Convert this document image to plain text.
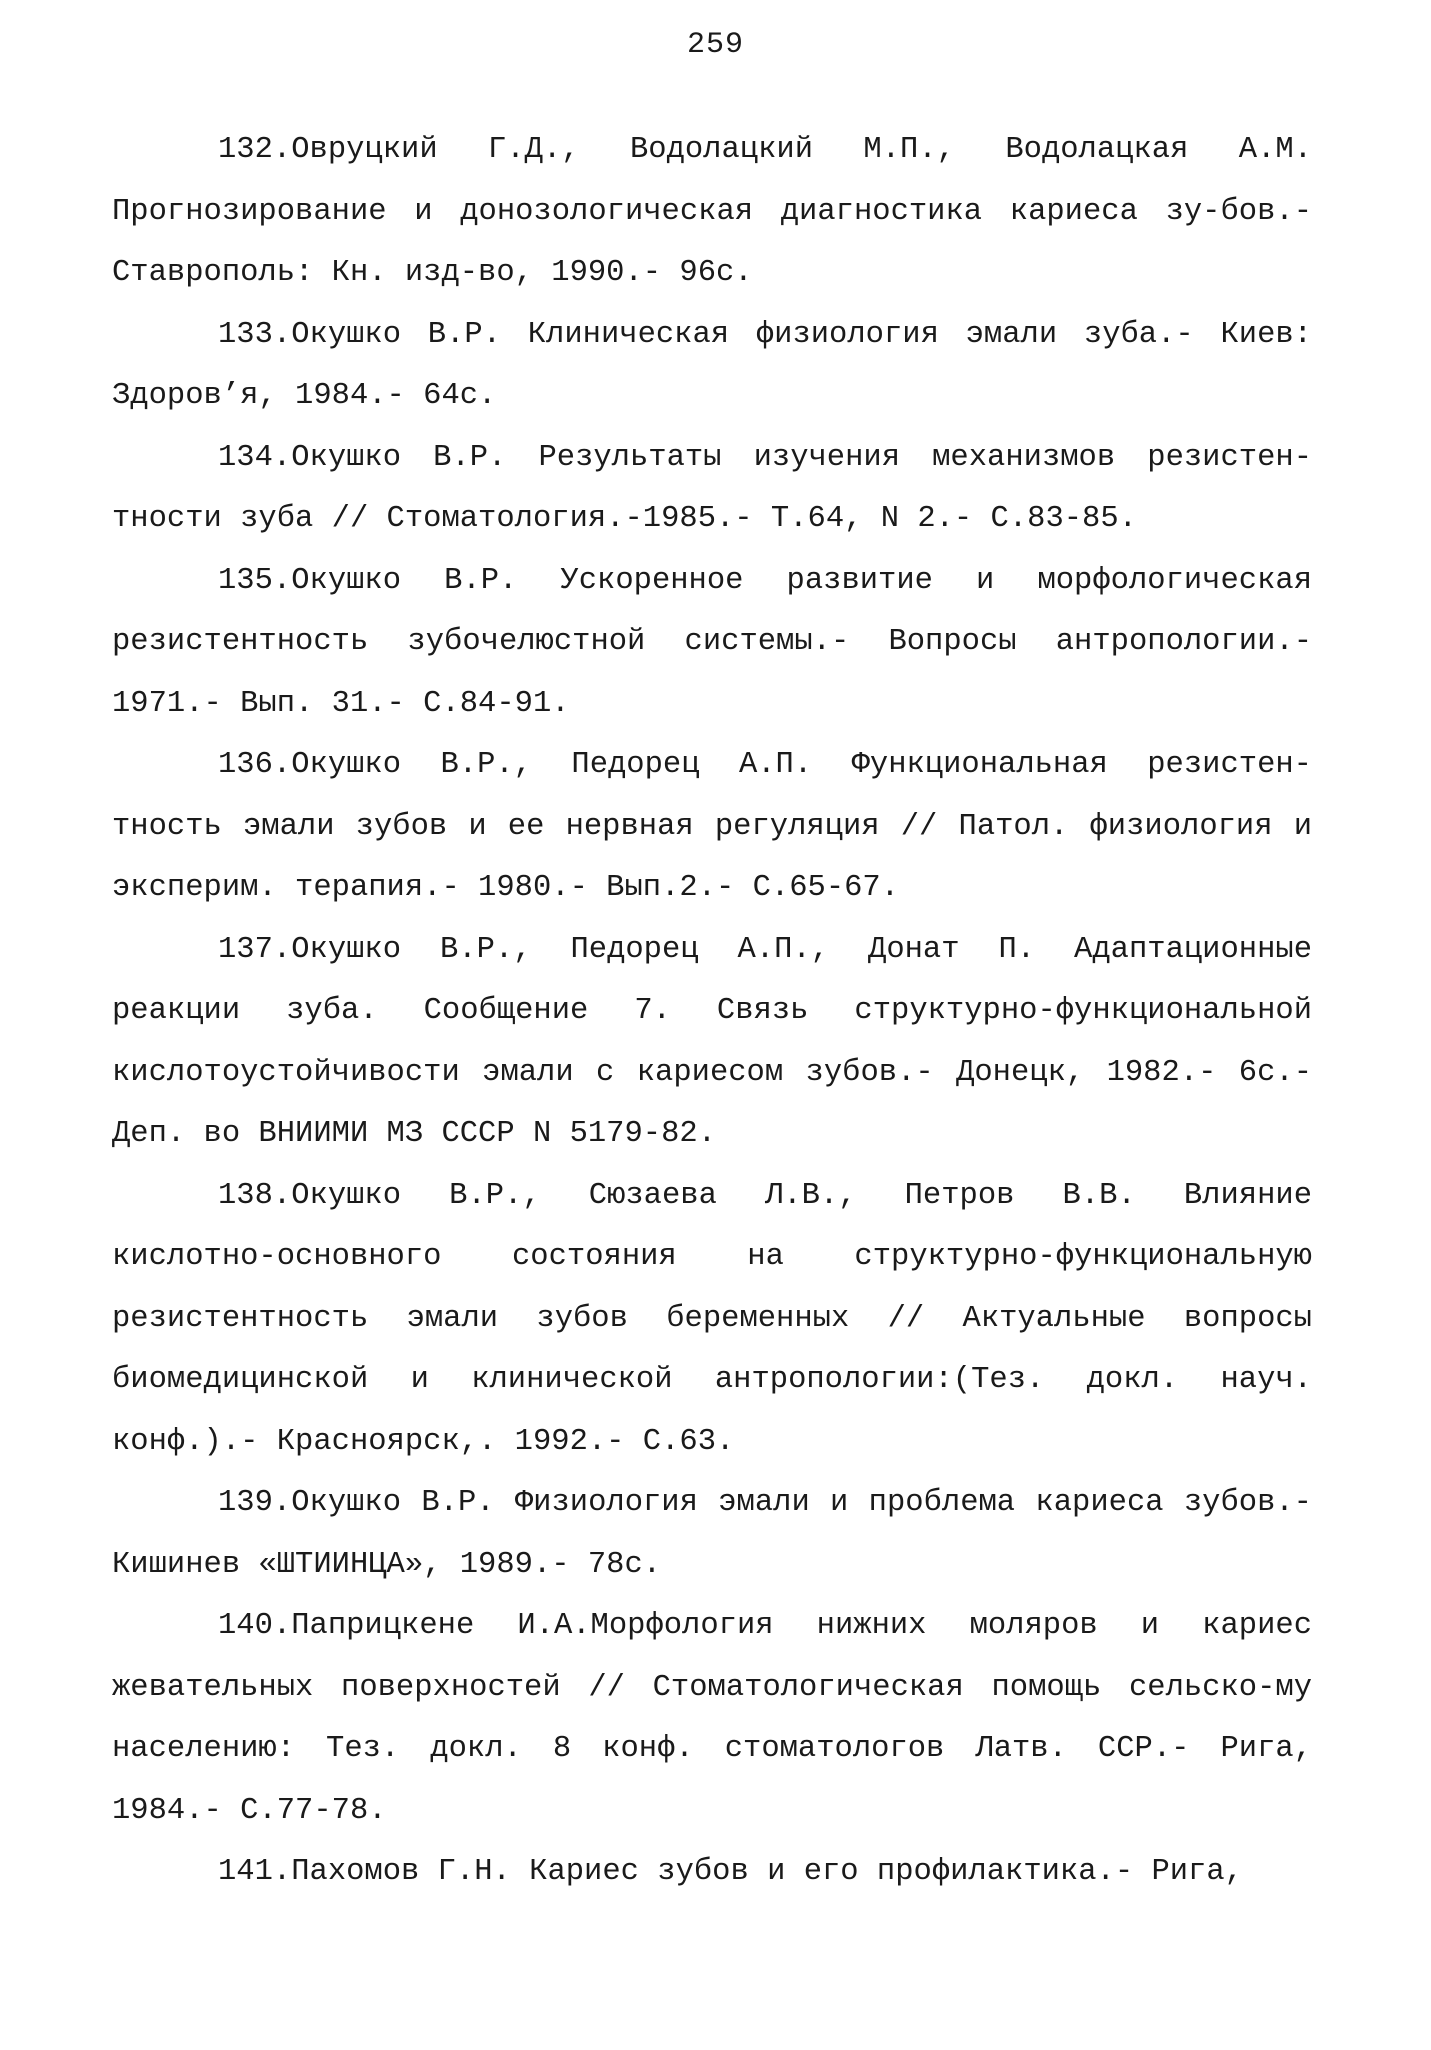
259

132.Овруцкий Г.Д., Водолацкий М.П., Водолацкая А.М. Прогнозирование и донозологическая диагностика кариеса зу-бов.- Ставрополь: Кн. изд-во, 1990.- 96с.

133.Окушко В.Р. Клиническая физиология эмали зуба.- Киев: Здоров’я, 1984.- 64с.

134.Окушко В.Р. Результаты изучения механизмов резистен-тности зуба // Стоматология.-1985.- Т.64, N 2.- С.83-85.

135.Окушко В.Р. Ускоренное развитие и морфологическая резистентность зубочелюстной системы.- Вопросы антропологии.- 1971.- Вып. 31.- С.84-91.

136.Окушко В.Р., Педорец А.П. Функциональная резистен-тность эмали зубов и ее нервная регуляция // Патол. физиология и эксперим. терапия.- 1980.- Вып.2.- С.65-67.

137.Окушко В.Р., Педорец А.П., Донат П. Адаптационные реакции зуба. Сообщение 7. Связь структурно-функциональной кислотоустойчивости эмали с кариесом зубов.- Донецк, 1982.- 6с.- Деп. во ВНИИМИ МЗ СССР N 5179-82.

138.Окушко В.Р., Сюзаева Л.В., Петров В.В. Влияние кислотно-основного состояния на структурно-функциональную резистентность эмали зубов беременных // Актуальные вопросы биомедицинской и клинической антропологии:(Тез. докл. науч. конф.).- Красноярск,. 1992.- С.63.

139.Окушко В.Р. Физиология эмали и проблема кариеса зубов.- Кишинев «ШТИИНЦА», 1989.- 78с.

140.Паприцкене И.А.Морфология нижних моляров и кариес жевательных поверхностей // Стоматологическая помощь сельско-му населению: Тез. докл. 8 конф. стоматологов Латв. ССР.- Рига, 1984.- С.77-78.

141.Пахомов Г.Н. Кариес зубов и его профилактика.- Рига,
